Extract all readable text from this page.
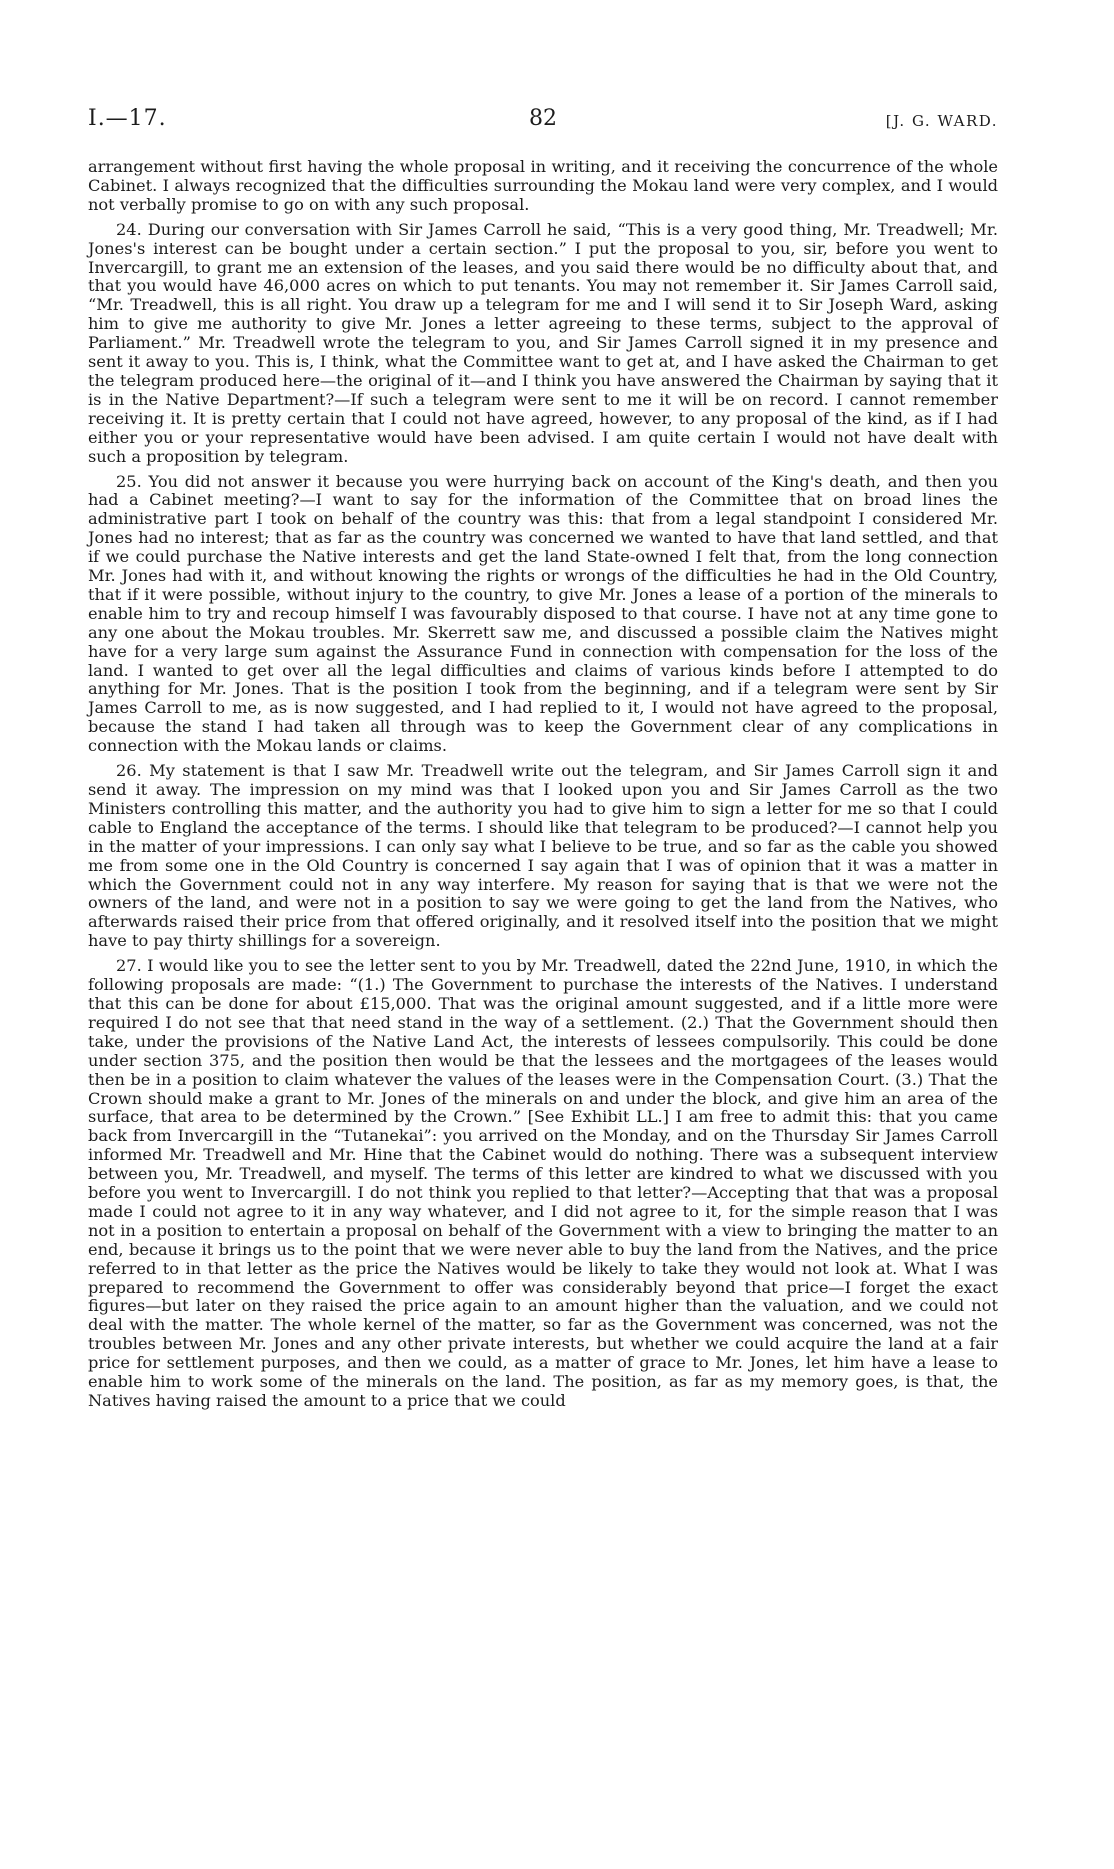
I.—17.	82	[J. G. WARD.

arrangement without first having the whole proposal in writing, and it receiving the concurrence of the whole Cabinet. I always recognized that the difficulties surrounding the Mokau land were very complex, and I would not verbally promise to go on with any such proposal.

24. During our conversation with Sir James Carroll he said, “This is a very good thing, Mr. Treadwell; Mr. Jones's interest can be bought under a certain section.” I put the proposal to you, sir, before you went to Invercargill, to grant me an extension of the leases, and you said there would be no difficulty about that, and that you would have 46,000 acres on which to put tenants. You may not remember it. Sir James Carroll said, “Mr. Treadwell, this is all right. You draw up a telegram for me and I will send it to Sir Joseph Ward, asking him to give me authority to give Mr. Jones a letter agreeing to these terms, subject to the approval of Parliament.” Mr. Treadwell wrote the telegram to you, and Sir James Carroll signed it in my presence and sent it away to you. This is, I think, what the Committee want to get at, and I have asked the Chairman to get the telegram produced here—the original of it—and I think you have answered the Chairman by saying that it is in the Native Department?—If such a telegram were sent to me it will be on record. I cannot remember receiving it. It is pretty certain that I could not have agreed, however, to any proposal of the kind, as if I had either you or your representative would have been advised. I am quite certain I would not have dealt with such a proposition by telegram.

25. You did not answer it because you were hurrying back on account of the King's death, and then you had a Cabinet meeting?—I want to say for the information of the Committee that on broad lines the administrative part I took on behalf of the country was this: that from a legal standpoint I considered Mr. Jones had no interest; that as far as the country was concerned we wanted to have that land settled, and that if we could purchase the Native interests and get the land State-owned I felt that, from the long connection Mr. Jones had with it, and without knowing the rights or wrongs of the difficulties he had in the Old Country, that if it were possible, without injury to the country, to give Mr. Jones a lease of a portion of the minerals to enable him to try and recoup himself I was favourably disposed to that course. I have not at any time gone to any one about the Mokau troubles. Mr. Skerrett saw me, and discussed a possible claim the Natives might have for a very large sum against the Assurance Fund in connection with compensation for the loss of the land. I wanted to get over all the legal difficulties and claims of various kinds before I attempted to do anything for Mr. Jones. That is the position I took from the beginning, and if a telegram were sent by Sir James Carroll to me, as is now suggested, and I had replied to it, I would not have agreed to the proposal, because the stand I had taken all through was to keep the Government clear of any complications in connection with the Mokau lands or claims.

26. My statement is that I saw Mr. Treadwell write out the telegram, and Sir James Carroll sign it and send it away. The impression on my mind was that I looked upon you and Sir James Carroll as the two Ministers controlling this matter, and the authority you had to give him to sign a letter for me so that I could cable to England the acceptance of the terms. I should like that telegram to be produced?—I cannot help you in the matter of your impressions. I can only say what I believe to be true, and so far as the cable you showed me from some one in the Old Country is concerned I say again that I was of opinion that it was a matter in which the Government could not in any way interfere. My reason for saying that is that we were not the owners of the land, and were not in a position to say we were going to get the land from the Natives, who afterwards raised their price from that offered originally, and it resolved itself into the position that we might have to pay thirty shillings for a sovereign.

27. I would like you to see the letter sent to you by Mr. Treadwell, dated the 22nd June, 1910, in which the following proposals are made: “(1.) The Government to purchase the interests of the Natives. I understand that this can be done for about £15,000. That was the original amount suggested, and if a little more were required I do not see that that need stand in the way of a settlement. (2.) That the Government should then take, under the provisions of the Native Land Act, the interests of lessees compulsorily. This could be done under section 375, and the position then would be that the lessees and the mortgagees of the leases would then be in a position to claim whatever the values of the leases were in the Compensation Court. (3.) That the Crown should make a grant to Mr. Jones of the minerals on and under the block, and give him an area of the surface, that area to be determined by the Crown.” [See Exhibit LL.] I am free to admit this: that you came back from Invercargill in the “Tutanekai”: you arrived on the Monday, and on the Thursday Sir James Carroll informed Mr. Treadwell and Mr. Hine that the Cabinet would do nothing. There was a subsequent interview between you, Mr. Treadwell, and myself. The terms of this letter are kindred to what we discussed with you before you went to Invercargill. I do not think you replied to that letter?—Accepting that that was a proposal made I could not agree to it in any way whatever, and I did not agree to it, for the simple reason that I was not in a position to entertain a proposal on behalf of the Government with a view to bringing the matter to an end, because it brings us to the point that we were never able to buy the land from the Natives, and the price referred to in that letter as the price the Natives would be likely to take they would not look at. What I was prepared to recommend the Government to offer was considerably beyond that price—I forget the exact figures—but later on they raised the price again to an amount higher than the valuation, and we could not deal with the matter. The whole kernel of the matter, so far as the Government was concerned, was not the troubles between Mr. Jones and any other private interests, but whether we could acquire the land at a fair price for settlement purposes, and then we could, as a matter of grace to Mr. Jones, let him have a lease to enable him to work some of the minerals on the land. The position, as far as my memory goes, is that, the Natives having raised the amount to a price that we could
